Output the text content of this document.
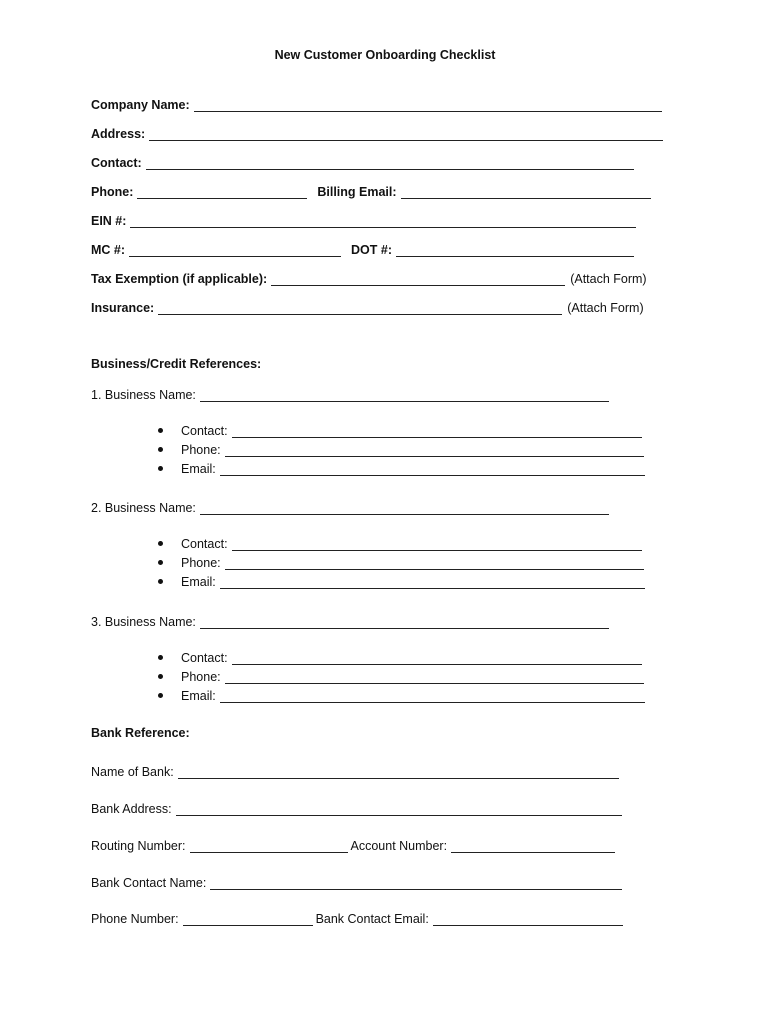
New Customer Onboarding Checklist
Company Name:
Address:
Contact:
Phone:	Billing Email:
EIN #:
MC #:	DOT #:
Tax Exemption (if applicable):	(Attach Form)
Insurance:	(Attach Form)
Business/Credit References:
1. Business Name:
Contact:
Phone:
Email:
2. Business Name:
Contact:
Phone:
Email:
3. Business Name:
Contact:
Phone:
Email:
Bank Reference:
Name of Bank:
Bank Address:
Routing Number:	Account Number:
Bank Contact Name:
Phone Number:	Bank Contact Email:
